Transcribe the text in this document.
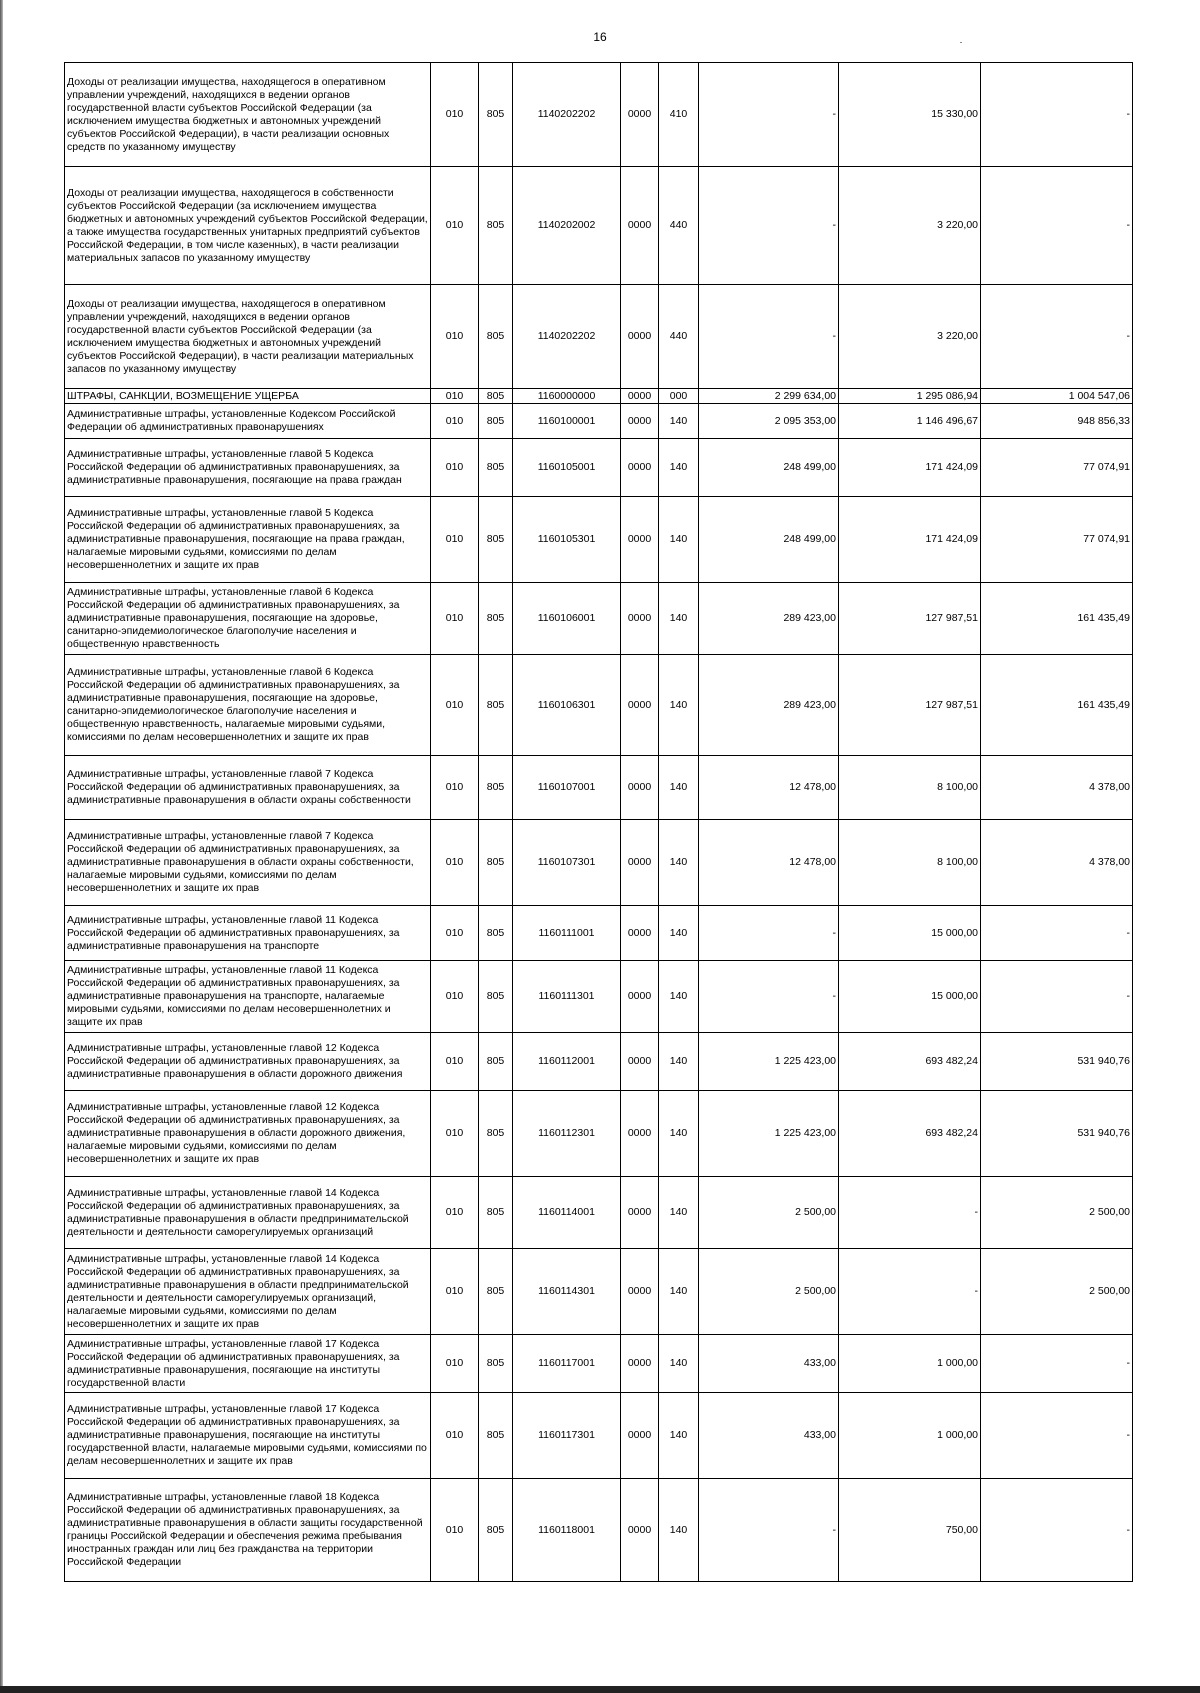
16
Доходы от реализации имущества, находящегося в оперативном управлении учреждений, находящихся в ведении органов государственной власти субъектов Российской Федерации (за исключением имущества бюджетных и автономных учреждений субъектов Российской Федерации), в части реализации основных средств по указанному имуществу	010	805	1140202202	0000	410	-	15 330,00	-
Доходы от реализации имущества, находящегося в собственности субъектов Российской Федерации (за исключением имущества бюджетных и автономных учреждений субъектов Российской Федерации, а также имущества государственных унитарных предприятий субъектов Российской Федерации, в том числе казенных), в части реализации материальных запасов по указанному имуществу	010	805	1140202002	0000	440	-	3 220,00	-
Доходы от реализации имущества, находящегося в оперативном управлении учреждений, находящихся в ведении органов государственной власти субъектов Российской Федерации (за исключением имущества бюджетных и автономных учреждений субъектов Российской Федерации), в части реализации материальных запасов по указанному имуществу	010	805	1140202202	0000	440	-	3 220,00	-
ШТРАФЫ, САНКЦИИ, ВОЗМЕЩЕНИЕ УЩЕРБА	010	805	1160000000	0000	000	2 299 634,00	1 295 086,94	1 004 547,06
Административные штрафы, установленные Кодексом Российской Федерации об административных правонарушениях	010	805	1160100001	0000	140	2 095 353,00	1 146 496,67	948 856,33
Административные штрафы, установленные главой 5 Кодекса Российской Федерации об административных правонарушениях, за административные правонарушения, посягающие на права граждан	010	805	1160105001	0000	140	248 499,00	171 424,09	77 074,91
Административные штрафы, установленные главой 5 Кодекса Российской Федерации об административных правонарушениях, за административные правонарушения, посягающие на права граждан, налагаемые мировыми судьями, комиссиями по делам несовершеннолетних и защите их прав	010	805	1160105301	0000	140	248 499,00	171 424,09	77 074,91
Административные штрафы, установленные главой 6 Кодекса Российской Федерации об административных правонарушениях, за административные правонарушения, посягающие на здоровье, санитарно-эпидемиологическое благополучие населения и общественную нравственность	010	805	1160106001	0000	140	289 423,00	127 987,51	161 435,49
Административные штрафы, установленные главой 6 Кодекса Российской Федерации об административных правонарушениях, за административные правонарушения, посягающие на здоровье, санитарно-эпидемиологическое благополучие населения и общественную нравственность, налагаемые мировыми судьями, комиссиями по делам несовершеннолетних и защите их прав	010	805	1160106301	0000	140	289 423,00	127 987,51	161 435,49
Административные штрафы, установленные главой 7 Кодекса Российской Федерации об административных правонарушениях, за административные правонарушения в области охраны собственности	010	805	1160107001	0000	140	12 478,00	8 100,00	4 378,00
Административные штрафы, установленные главой 7 Кодекса Российской Федерации об административных правонарушениях, за административные правонарушения в области охраны собственности, налагаемые мировыми судьями, комиссиями по делам несовершеннолетних и защите их прав	010	805	1160107301	0000	140	12 478,00	8 100,00	4 378,00
Административные штрафы, установленные главой 11 Кодекса Российской Федерации об административных правонарушениях, за административные правонарушения на транспорте	010	805	1160111001	0000	140	-	15 000,00	-
Административные штрафы, установленные главой 11 Кодекса Российской Федерации об административных правонарушениях, за административные правонарушения на транспорте, налагаемые мировыми судьями, комиссиями по делам несовершеннолетних и защите их прав	010	805	1160111301	0000	140	-	15 000,00	-
Административные штрафы, установленные главой 12 Кодекса Российской Федерации об административных правонарушениях, за административные правонарушения в области дорожного движения	010	805	1160112001	0000	140	1 225 423,00	693 482,24	531 940,76
Административные штрафы, установленные главой 12 Кодекса Российской Федерации об административных правонарушениях, за административные правонарушения в области дорожного движения, налагаемые мировыми судьями, комиссиями по делам несовершеннолетних и защите их прав	010	805	1160112301	0000	140	1 225 423,00	693 482,24	531 940,76
Административные штрафы, установленные главой 14 Кодекса Российской Федерации об административных правонарушениях, за административные правонарушения в области предпринимательской деятельности и деятельности саморегулируемых организаций	010	805	1160114001	0000	140	2 500,00	-	2 500,00
Административные штрафы, установленные главой 14 Кодекса Российской Федерации об административных правонарушениях, за административные правонарушения в области предпринимательской деятельности и деятельности саморегулируемых организаций, налагаемые мировыми судьями, комиссиями по делам несовершеннолетних и защите их прав	010	805	1160114301	0000	140	2 500,00	-	2 500,00
Административные штрафы, установленные главой 17 Кодекса Российской Федерации об административных правонарушениях, за административные правонарушения, посягающие на институты государственной власти	010	805	1160117001	0000	140	433,00	1 000,00	-
Административные штрафы, установленные главой 17 Кодекса Российской Федерации об административных правонарушениях, за административные правонарушения, посягающие на институты государственной власти, налагаемые мировыми судьями, комиссиями по делам несовершеннолетних и защите их прав	010	805	1160117301	0000	140	433,00	1 000,00	-
Административные штрафы, установленные главой 18 Кодекса Российской Федерации об административных правонарушениях, за административные правонарушения в области защиты государственной границы Российской Федерации и обеспечения режима пребывания иностранных граждан или лиц без гражданства на территории Российской Федерации	010	805	1160118001	0000	140	-	750,00	-
